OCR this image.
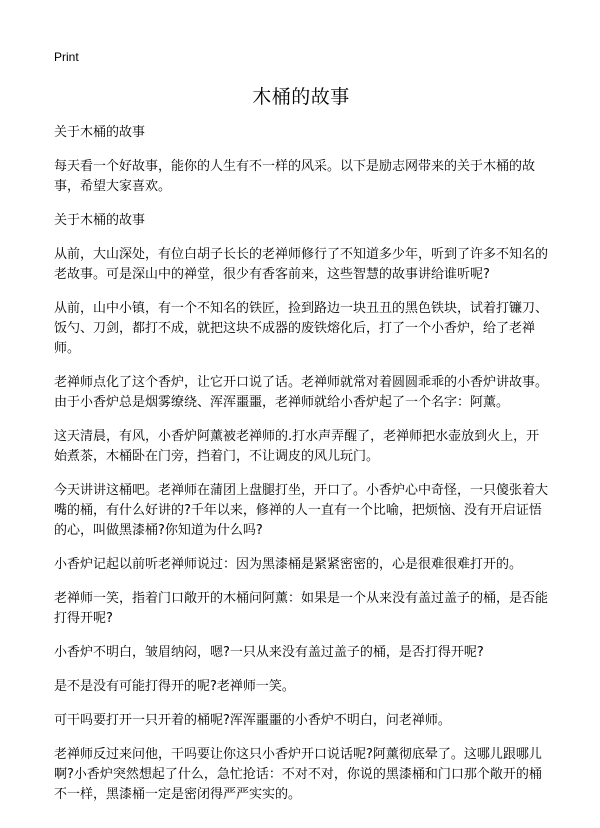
Print
木桶的故事

关于木桶的故事

每天看一个好故事，能你的人生有不一样的风采。以下是励志网带来的关于木桶的故事，希望大家喜欢。

关于木桶的故事

从前，大山深处，有位白胡子长长的老禅师修行了不知道多少年，听到了许多不知名的老故事。可是深山中的禅堂，很少有香客前来，这些智慧的故事讲给谁听呢?

从前，山中小镇，有一个不知名的铁匠，捡到路边一块丑丑的黑色铁块，试着打镰刀、饭勺、刀剑，都打不成，就把这块不成器的废铁熔化后，打了一个小香炉，给了老禅师。

老禅师点化了这个香炉，让它开口说了话。老禅师就常对着圆圆乖乖的小香炉讲故事。由于小香炉总是烟雾缭绕、浑浑噩噩，老禅师就给小香炉起了一个名字：阿薰。

这天清晨，有风，小香炉阿薰被老禅师的.打水声弄醒了，老禅师把水壶放到火上，开始煮茶，木桶卧在门旁，挡着门，不让调皮的风儿玩门。

今天讲讲这桶吧。老禅师在蒲团上盘腿打坐，开口了。小香炉心中奇怪，一只傻张着大嘴的桶，有什么好讲的?千年以来，修禅的人一直有一个比喻，把烦恼、没有开启证悟的心，叫做黑漆桶?你知道为什么吗?

小香炉记起以前听老禅师说过：因为黑漆桶是紧紧密密的，心是很难很难打开的。

老禅师一笑，指着门口敞开的木桶问阿薰：如果是一个从来没有盖过盖子的桶，是否能打得开呢?

小香炉不明白，皱眉纳闷，嗯?一只从来没有盖过盖子的桶，是否打得开呢?

是不是没有可能打得开的呢?老禅师一笑。

可干吗要打开一只开着的桶呢?浑浑噩噩的小香炉不明白，问老禅师。

老禅师反过来问他，干吗要让你这只小香炉开口说话呢?阿薰彻底晕了。这哪儿跟哪儿啊?小香炉突然想起了什么，急忙抢话：不对不对，你说的黑漆桶和门口那个敞开的桶不一样，黑漆桶一定是密闭得严严实实的。
